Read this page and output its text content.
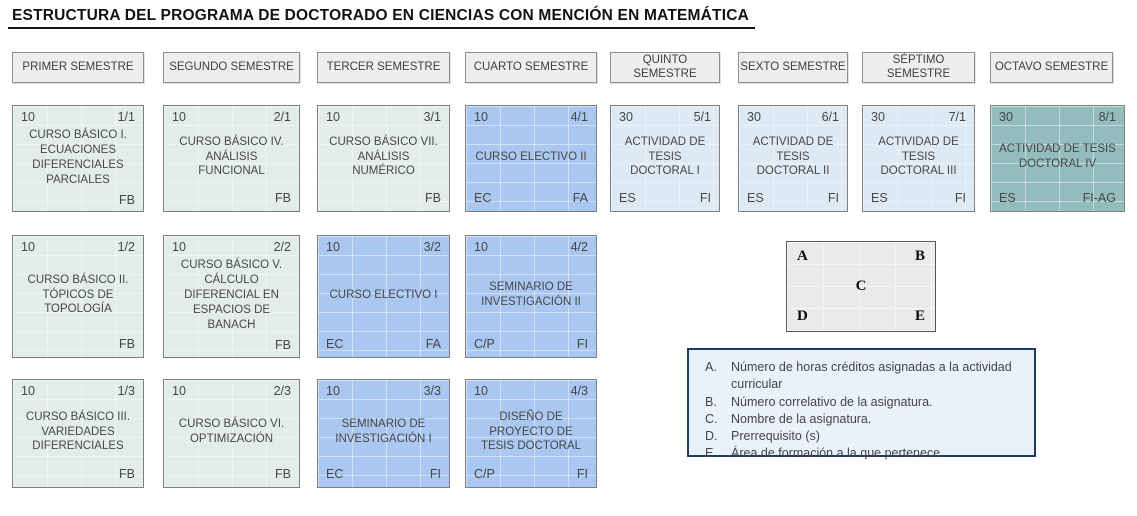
ESTRUCTURA DEL PROGRAMA DE DOCTORADO EN CIENCIAS CON MENCIÓN EN MATEMÁTICA
PRIMER SEMESTRE	SEGUNDO SEMESTRE	TERCER SEMESTRE	CUARTO SEMESTRE
QUINTO SEMESTRE
SEXTO SEMESTRE
SÉPTIMO SEMESTRE
OCTAVO SEMESTRE
10	1/1
CURSO BÁSICO I. ECUACIONES DIFERENCIALES PARCIALES
FB
10	2/1
CURSO BÁSICO IV. ANÁLISIS FUNCIONAL
FB
10	3/1
CURSO BÁSICO VII. ANÁLISIS NUMÉRICO
FB
10	4/1
CURSO ELECTIVO II
EC	FA
30	5/1
ACTIVIDAD DE TESIS DOCTORAL I
ES	FI
30	6/1
ACTIVIDAD DE TESIS DOCTORAL II
ES	FI
30	7/1
ACTIVIDAD DE TESIS DOCTORAL III
ES	FI
30	8/1
ACTIVIDAD DE TESIS DOCTORAL IV
ES	FI-AG
10	1/2
CURSO BÁSICO II. TÓPICOS DE TOPOLOGÍA
FB
10	2/2
CURSO BÁSICO V. CÁLCULO DIFERENCIAL EN ESPACIOS DE BANACH
FB
10	3/2
CURSO ELECTIVO I
EC	FA
10	4/2
SEMINARIO DE INVESTIGACIÓN II
C/P	FI
10	1/3
CURSO BÁSICO III. VARIEDADES DIFERENCIALES
FB
10	2/3
CURSO BÁSICO VI. OPTIMIZACIÓN
FB
10	3/3
SEMINARIO DE INVESTIGACIÓN I
EC	FI
10	4/3
DISEÑO DE PROYECTO DE TESIS DOCTORAL
C/P	FI
A	B
C
D	E
A.	Número de horas créditos asignadas a la actividad curricular
B.	Número correlativo de la asignatura.
C.	Nombre de la asignatura.
D.	Prerrequisito (s)
E.	Área de formación a la que pertenece.
